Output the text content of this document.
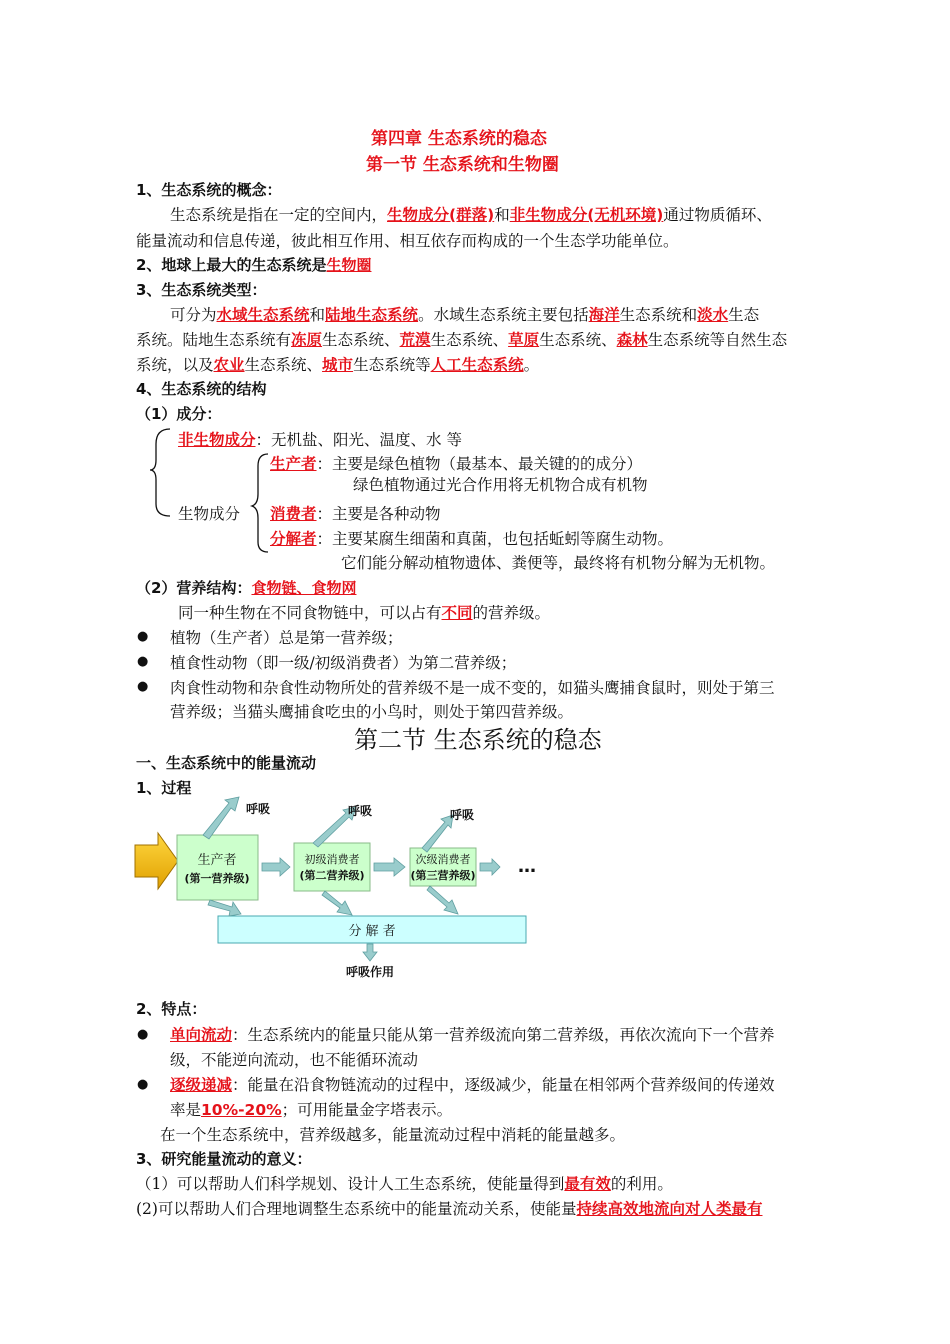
第四章 生态系统的稳态
第一节 生态系统和生物圈
1、生态系统的概念：
生态系统是指在一定的空间内，生物成分(群落)和非生物成分(无机环境)通过物质循环、
能量流动和信息传递，彼此相互作用、相互依存而构成的一个生态学功能单位。
2、地球上最大的生态系统是生物圈
3、生态系统类型：
可分为水域生态系统和陆地生态系统。水域生态系统主要包括海洋生态系统和淡水生态
系统。陆地生态系统有冻原生态系统、荒漠生态系统、草原生态系统、森林生态系统等自然生态
系统，以及农业生态系统、城市生态系统等人工生态系统。
4、生态系统的结构
（1）成分：
非生物成分：无机盐、阳光、温度、水 等
生物成分
生产者：主要是绿色植物（最基本、最关键的的成分）
绿色植物通过光合作用将无机物合成有机物
消费者：主要是各种动物
分解者：主要某腐生细菌和真菌，也包括蚯蚓等腐生动物。
它们能分解动植物遗体、粪便等，最终将有机物分解为无机物。
（2）营养结构：食物链、食物网
同一种生物在不同食物链中，可以占有不同的营养级。
● 植物（生产者）总是第一营养级；
● 植食性动物（即一级/初级消费者）为第二营养级；
● 肉食性动物和杂食性动物所处的营养级不是一成不变的，如猫头鹰捕食鼠时，则处于第三
营养级；当猫头鹰捕食吃虫的小鸟时，则处于第四营养级。
第二节 生态系统的稳态
一、生态系统中的能量流动
1、过程
分 解 者
生产者
(第一营养级)
初级消费者
(第二营养级)
次级消费者
(第三营养级) …
呼吸	呼吸	呼吸
呼吸作用
2、特点：
● 单向流动：生态系统内的能量只能从第一营养级流向第二营养级，再依次流向下一个营养
级，不能逆向流动，也不能循环流动
● 逐级递减：能量在沿食物链流动的过程中，逐级减少，能量在相邻两个营养级间的传递效
率是10%-20%；可用能量金字塔表示。
在一个生态系统中，营养级越多，能量流动过程中消耗的能量越多。
3、研究能量流动的意义：
（1）可以帮助人们科学规划、设计人工生态系统，使能量得到最有效的利用。
(2)可以帮助人们合理地调整生态系统中的能量流动关系，使能量持续高效地流向对人类最有
